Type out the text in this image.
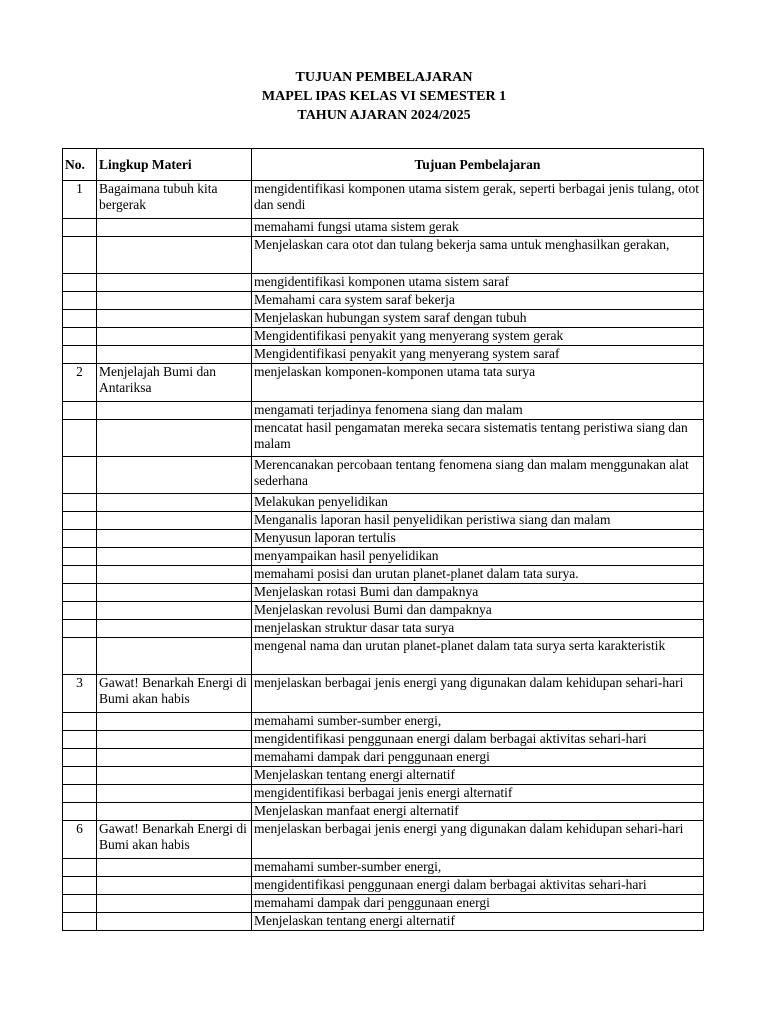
TUJUAN PEMBELAJARAN
MAPEL IPAS KELAS VI SEMESTER 1
TAHUN AJARAN 2024/2025
No.	Lingkup Materi	Tujuan Pembelajaran
1	Bagaimana tubuh kita bergerak	mengidentifikasi komponen utama sistem gerak, seperti berbagai jenis tulang, otot dan sendi
		memahami fungsi utama sistem gerak
		Menjelaskan cara otot dan tulang bekerja sama untuk menghasilkan gerakan,
		mengidentifikasi komponen utama sistem saraf
		Memahami cara system saraf bekerja
		Menjelaskan hubungan system saraf dengan tubuh
		Mengidentifikasi penyakit yang menyerang system gerak
		Mengidentifikasi penyakit yang menyerang system saraf
2	Menjelajah Bumi dan Antariksa	menjelaskan komponen-komponen utama tata surya
		mengamati terjadinya fenomena siang dan malam
		mencatat hasil pengamatan mereka secara sistematis tentang peristiwa siang dan malam
		Merencanakan percobaan tentang fenomena siang dan malam menggunakan alat sederhana
		Melakukan penyelidikan
		Menganalis laporan hasil penyelidikan peristiwa siang dan malam
		Menyusun laporan tertulis
		menyampaikan hasil penyelidikan
		memahami posisi dan urutan planet-planet dalam tata surya.
		Menjelaskan rotasi Bumi dan dampaknya
		Menjelaskan revolusi Bumi dan dampaknya
		menjelaskan struktur dasar tata surya
		mengenal nama dan urutan planet-planet dalam tata surya serta karakteristik
3	Gawat! Benarkah Energi di Bumi akan habis	menjelaskan berbagai jenis energi yang digunakan dalam kehidupan sehari-hari
		memahami sumber-sumber energi,
		mengidentifikasi penggunaan energi dalam berbagai aktivitas sehari-hari
		memahami dampak dari penggunaan energi
		Menjelaskan tentang energi alternatif
		mengidentifikasi berbagai jenis energi alternatif
		Menjelaskan manfaat energi alternatif
6	Gawat! Benarkah Energi di Bumi akan habis	menjelaskan berbagai jenis energi yang digunakan dalam kehidupan sehari-hari
		memahami sumber-sumber energi,
		mengidentifikasi penggunaan energi dalam berbagai aktivitas sehari-hari
		memahami dampak dari penggunaan energi
		Menjelaskan tentang energi alternatif
